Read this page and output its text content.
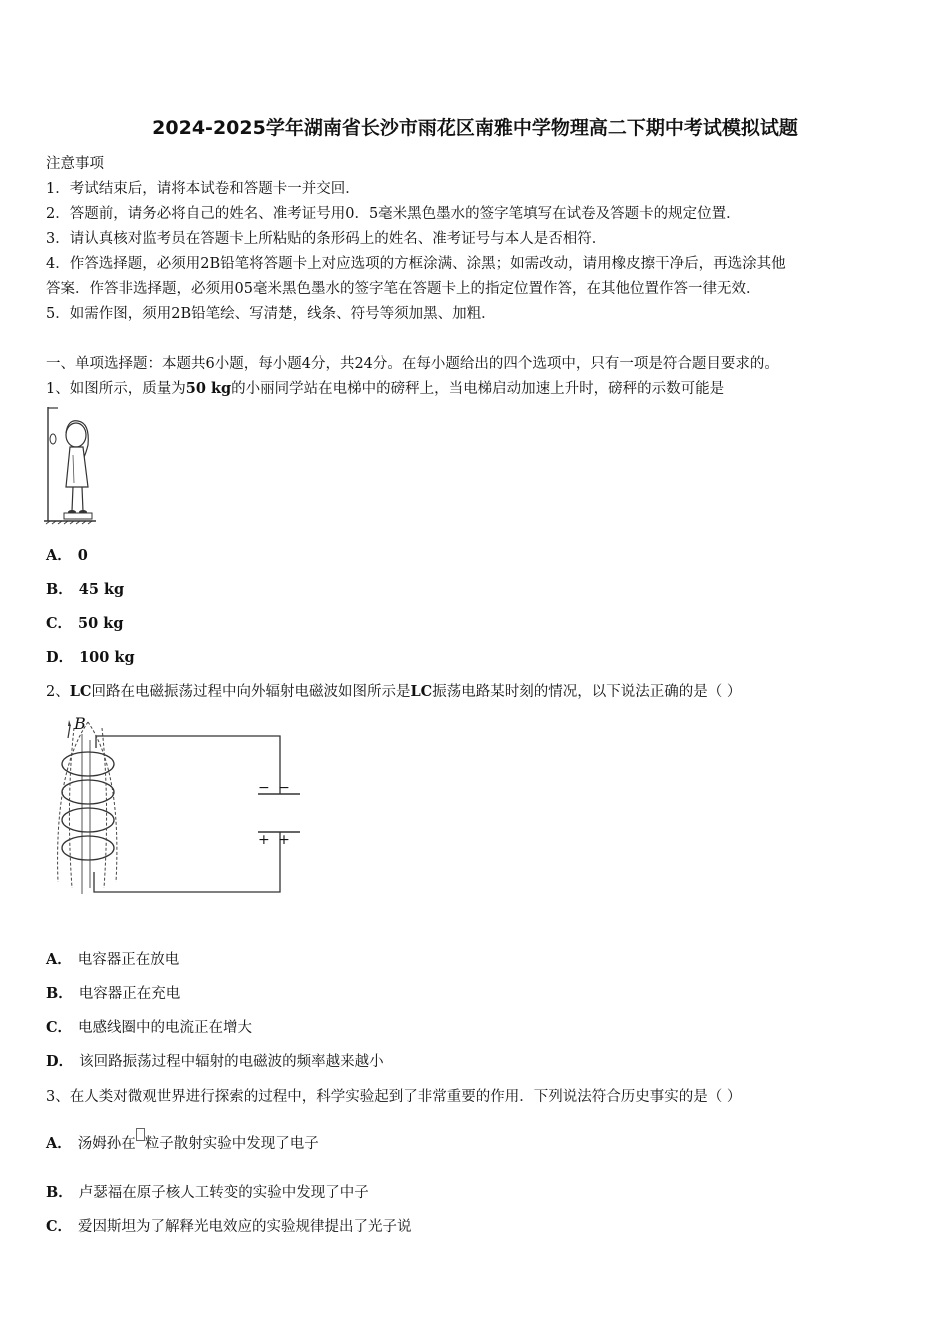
2024-2025学年湖南省长沙市雨花区南雅中学物理高二下期中考试模拟试题
注意事项
1．考试结束后，请将本试卷和答题卡一并交回．
2．答题前，请务必将自己的姓名、准考证号用0．5毫米黑色墨水的签字笔填写在试卷及答题卡的规定位置．
3．请认真核对监考员在答题卡上所粘贴的条形码上的姓名、准考证号与本人是否相符．
4．作答选择题，必须用2B铅笔将答题卡上对应选项的方框涂满、涂黑；如需改动，请用橡皮擦干净后，再选涂其他
答案．作答非选择题，必须用05毫米黑色墨水的签字笔在答题卡上的指定位置作答，在其他位置作答一律无效．
5．如需作图，须用2B铅笔绘、写清楚，线条、符号等须加黑、加粗．
一、单项选择题：本题共6小题，每小题4分，共24分。在每小题给出的四个选项中，只有一项是符合题目要求的。
1、如图所示，质量为50 kg的小丽同学站在电梯中的磅秤上，当电梯启动加速上升时，磅秤的示数可能是
A． 0
B． 45 kg
C． 50 kg
D． 100 kg
2、LC回路在电磁振荡过程中向外辐射电磁波如图所示是LC振荡电路某时刻的情况，以下说法正确的是（ ）
B
− −
+ +
A． 电容器正在放电
B． 电容器正在充电
C． 电感线圈中的电流正在增大
D． 该回路振荡过程中辐射的电磁波的频率越来越小
3、在人类对微观世界进行探索的过程中，科学实验起到了非常重要的作用．下列说法符合历史事实的是（ ）
A． 汤姆孙在 粒子散射实验中发现了电子
B． 卢瑟福在原子核人工转变的实验中发现了中子
C． 爱因斯坦为了解释光电效应的实验规律提出了光子说
